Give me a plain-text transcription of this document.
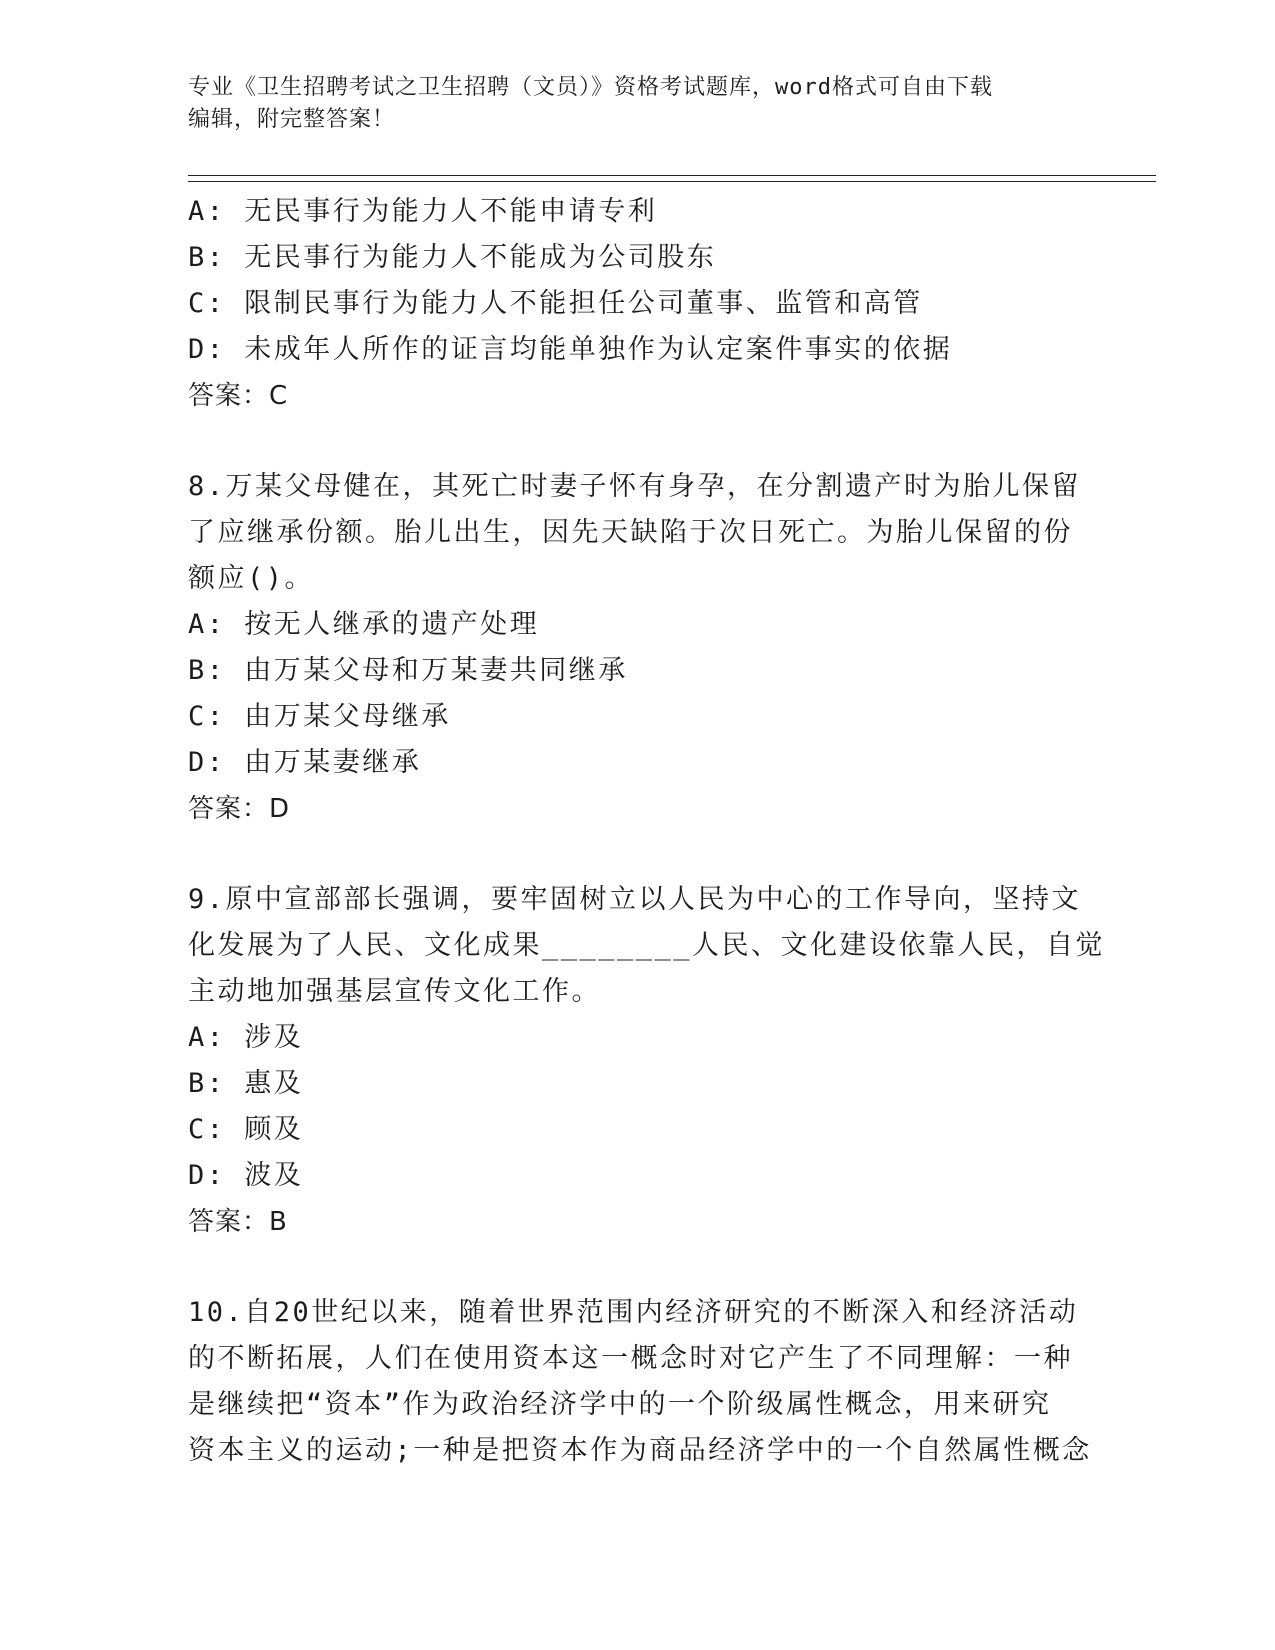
专业《卫生招聘考试之卫生招聘（文员）》资格考试题库，word格式可自由下载
编辑，附完整答案！
A: 无民事行为能力人不能申请专利
B: 无民事行为能力人不能成为公司股东
C: 限制民事行为能力人不能担任公司董事、监管和高管
D: 未成年人所作的证言均能单独作为认定案件事实的依据
答案：C
8.万某父母健在，其死亡时妻子怀有身孕，在分割遗产时为胎儿保留
了应继承份额。胎儿出生，因先天缺陷于次日死亡。为胎儿保留的份
额应()。
A: 按无人继承的遗产处理
B: 由万某父母和万某妻共同继承
C: 由万某父母继承
D: 由万某妻继承
答案：D
9.原中宣部部长强调，要牢固树立以人民为中心的工作导向，坚持文
化发展为了人民、文化成果________人民、文化建设依靠人民，自觉
主动地加强基层宣传文化工作。
A: 涉及
B: 惠及
C: 顾及
D: 波及
答案：B
10.自20世纪以来，随着世界范围内经济研究的不断深入和经济活动
的不断拓展，人们在使用资本这一概念时对它产生了不同理解：一种
是继续把“资本”作为政治经济学中的一个阶级属性概念，用来研究
资本主义的运动;一种是把资本作为商品经济学中的一个自然属性概念
